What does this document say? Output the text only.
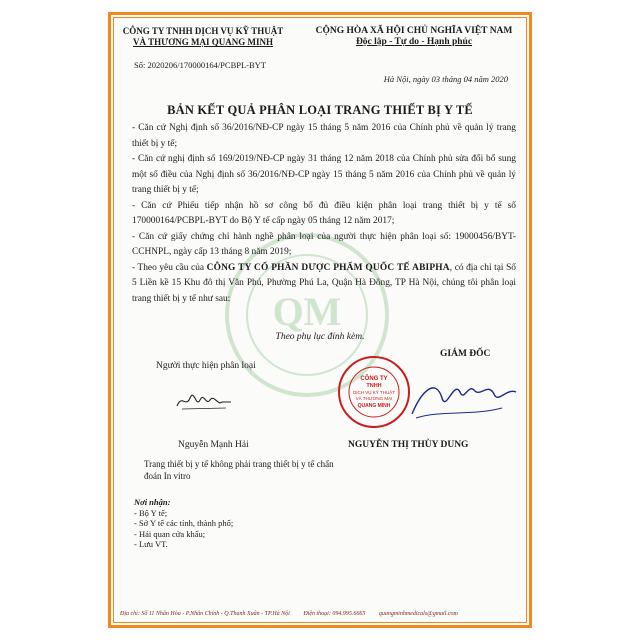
QM
CÔNG TY TNHH DỊCH VỤ KỸ THUẬT
VÀ THƯƠNG MẠI QUANG MINH
CỘNG HÒA XÃ HỘI CHỦ NGHĨA VIỆT NAM
Độc lập - Tự do - Hạnh phúc
Số: 2020206/170000164/PCBPL-BYT
Hà Nội, ngày 03 tháng 04 năm 2020
BẢN KẾT QUẢ PHÂN LOẠI TRANG THIẾT BỊ Y TẾ

- Căn cứ Nghị định số 36/2016/NĐ-CP ngày 15 tháng 5 năm 2016 của Chính phủ về quản lý trang thiết bị y tế;

- Căn cứ nghị định số 169/2019/NĐ-CP ngày 31 tháng 12 năm 2018 của Chính phủ sửa đổi bổ sung một số điều của Nghị định số 36/2016/NĐ-CP ngày 15 tháng 5 năm 2016 của Chính phủ về quản lý trang thiết bị y tế;

- Căn cứ Phiếu tiếp nhận hồ sơ công bố đủ điều kiện phân loại trang thiết bị y tế số 170000164/PCBPL-BYT do Bộ Y tế cấp ngày 05 tháng 12 năm 2017;

- Căn cứ giấy chứng chỉ hành nghề phân loại của người thực hiện phân loại số: 19000456/BYT-CCHNPL, ngày cấp 13 tháng 8 năm 2019;

- Theo yêu cầu của CÔNG TY CỔ PHẦN DƯỢC PHẨM QUỐC TẾ ABIPHA, có địa chỉ tại Số 5 Liền kề 15 Khu đô thị Văn Phú, Phường Phú La, Quận Hà Đông, TP Hà Nội, chúng tôi phân loại trang thiết bị y tế như sau:

Theo phụ lục đính kèm.
Người thực hiện phân loại
GIÁM ĐỐC
CÔNG TY
TNHH
DỊCH VỤ KỸ THUẬT
VÀ THƯƠNG MẠI
QUANG MINH
Nguyễn Mạnh Hải	NGUYỄN THỊ THÙY DUNG
Trang thiết bị y tế không phải trang thiết bị y tế chẩn đoán In vitro
Nơi nhận:
- Bộ Y tế;
- Sở Y tế các tỉnh, thành phố;
- Hải quan cửa khẩu;
- Lưu VT.
Địa chỉ: Số 11 Nhân Hòa - P.Nhân Chính - Q.Thanh Xuân - TP.Hà Nội Điện thoại: 094.995.6665 quangminhmedicals@gmail.com
